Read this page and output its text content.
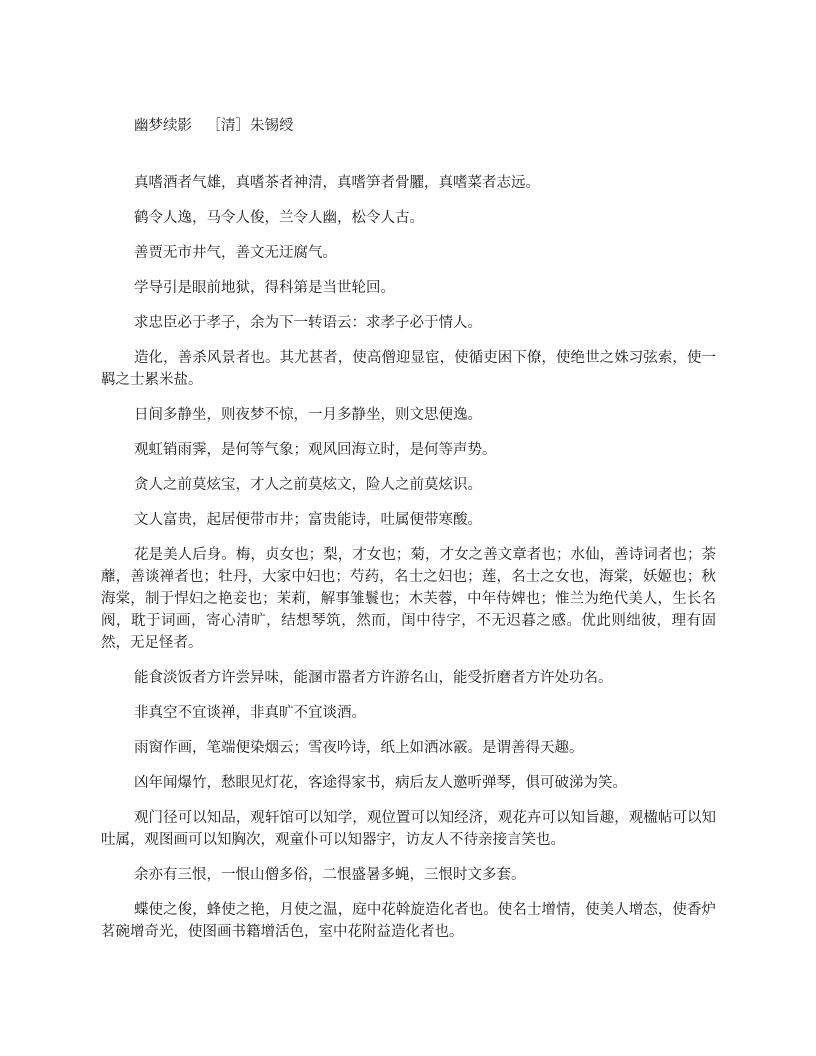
幽梦续影 ［清］朱锡绶

真嗜酒者气雄，真嗜茶者神清，真嗜笋者骨臞，真嗜菜者志远。

鹤令人逸，马令人俊，兰令人幽，松令人古。

善贾无市井气，善文无迂腐气。

学导引是眼前地狱，得科第是当世轮回。

求忠臣必于孝子，余为下一转语云：求孝子必于情人。

造化，善杀风景者也。其尤甚者，使高僧迎显宦，使循吏困下僚，使绝世之姝习弦索，使一羁之士累米盐。

日间多静坐，则夜梦不惊，一月多静坐，则文思便逸。

观虹销雨霁，是何等气象；观风回海立时，是何等声势。

贪人之前莫炫宝，才人之前莫炫文，险人之前莫炫识。

文人富贵，起居便带市井；富贵能诗，吐属便带寒酸。

花是美人后身。梅，贞女也；梨，才女也；菊，才女之善文章者也；水仙，善诗词者也；荼蘼，善谈禅者也；牡丹，大家中妇也；芍药，名士之妇也；莲，名士之女也，海棠，妖姬也；秋海棠，制于悍妇之艳妾也；茉莉，解事雏鬟也；木芙蓉，中年侍婢也；惟兰为绝代美人，生长名阀，耽于词画，寄心清旷，结想琴筑，然而，闺中待字，不无迟暮之感。优此则绌彼，理有固然，无足怪者。

能食淡饭者方许尝异味，能溷市嚣者方许游名山，能受折磨者方许处功名。

非真空不宜谈禅，非真旷不宜谈酒。

雨窗作画，笔端便染烟云；雪夜吟诗，纸上如洒冰霰。是谓善得天趣。

凶年闻爆竹，愁眼见灯花，客途得家书，病后友人邀听弹琴，俱可破涕为笑。

观门径可以知品，观轩馆可以知学，观位置可以知经济，观花卉可以知旨趣，观楹帖可以知吐属，观图画可以知胸次，观童仆可以知器宇，访友人不待亲接言笑也。

余亦有三恨，一恨山僧多俗，二恨盛暑多蝇，三恨时文多套。

蝶使之俊，蜂使之艳，月使之温，庭中花斡旋造化者也。使名士增情，使美人增态，使香炉茗碗增奇光，使图画书籍增活色，室中花附益造化者也。
